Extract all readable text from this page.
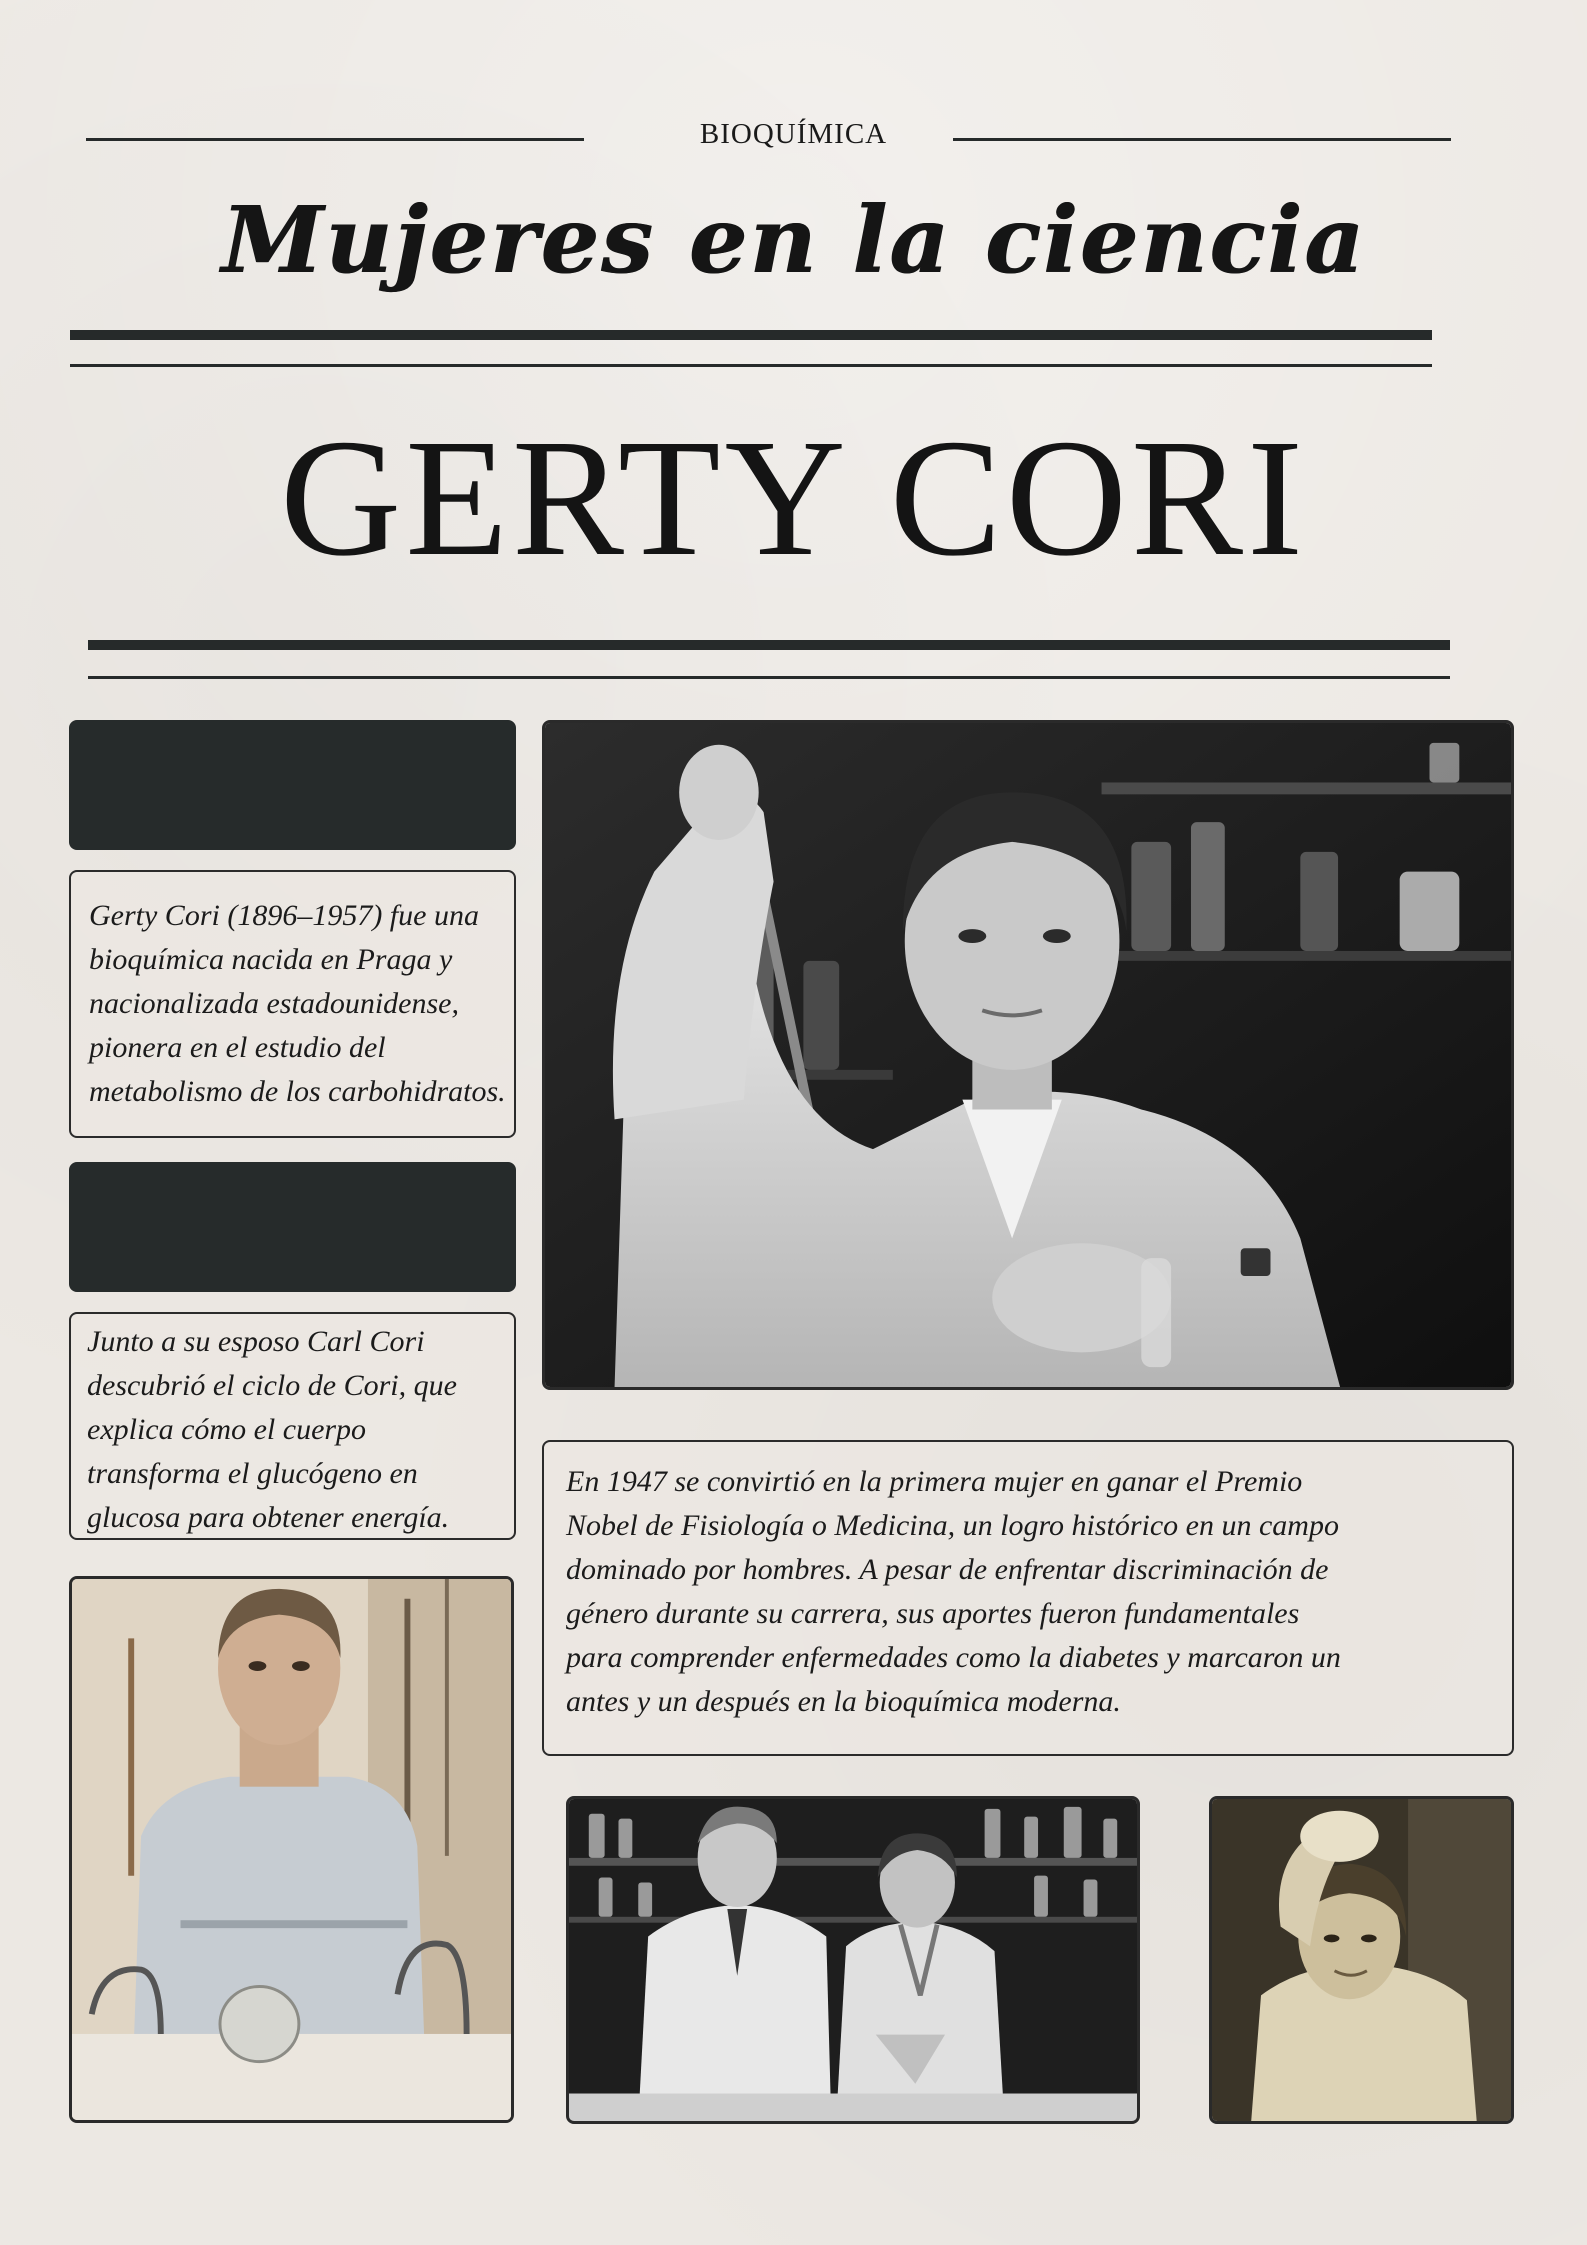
BIOQUÍMICA
Mujeres en la ciencia
GERTY CORI

Gerty Cori (1896–1957) fue una bioquímica nacida en Praga y nacionalizada estadounidense, pionera en el estudio del metabolismo de los carbohidratos.

Junto a su esposo Carl Cori descubrió el ciclo de Cori, que explica cómo el cuerpo transforma el glucógeno en glucosa para obtener energía.

En 1947 se convirtió en la primera mujer en ganar el Premio Nobel de Fisiología o Medicina, un logro histórico en un campo dominado por hombres. A pesar de enfrentar discriminación de género durante su carrera, sus aportes fueron fundamentales para comprender enfermedades como la diabetes y marcaron un antes y un después en la bioquímica moderna.
